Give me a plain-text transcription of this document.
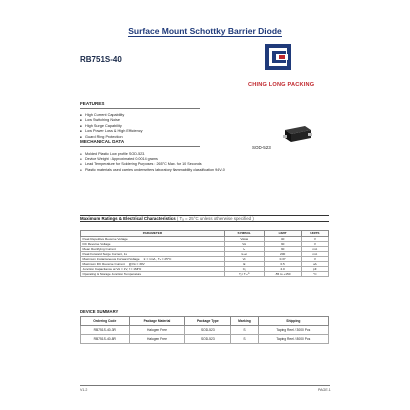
Surface Mount Schottky Barrier Diode
RB751S-40
CHING LONG PACKING
FEATURES
■ High Current Capability
■ Low Switching Noise
■ High Surge Capability
■ Low Power Loss & High Efficiency
■ Guard Ring Protection
MECHANICAL DATA
● Molded Plastic Low profile SOD-523.
● Device Weight : Approximated 0.0014 grams
● Lead Temperature for Soldering Purposes : 265°C Max. for 10 Seconds
● Plastic materials used carries underwriters laboratory flammability classification 94V-0
SOD-523
Maximum Ratings & Electrical Characteristics ( Tₐ = 25°C unless otherwise specified )
PARAMETER	SYMBOL	LIMIT	UNITS
Peak Repetitive Reverse Voltage	Vʀʀᴍ	40	V
DC Reverse Voltage	Vʀ	30	V
Mean Rectifying Current	Iₒ	30	mA
Peak Forward Surge Current, 1s	Iғₛᴍ	200	mA
Maximum Instantaneous Forward Voltage Iғ = 1mA , Tₐ = 25°C	Vғ	0.37	V
Maximum DC Reverse Current @Vʀ = 30V	Iʀ	0.5	uA
Junction Capacitance at Vʀ = 1V, f = 1MHz	Cⱼ	2.0	pF
Operating & Storage Junction Temperature	Tⱼ / Tₛₜᴳ	-55 to +150	°C
DEVICE SUMMARY
Ordering Code	Package Material	Package Type	Marking	Shipping
RB751S-40-3R	Halogen Free	SOD-523	S	Taping Reel / 3000 Pcs
RB751S-40-8R	Halogen Free	SOD-523	S	Taping Reel / 8000 Pcs
V1.2	PAGE.1
